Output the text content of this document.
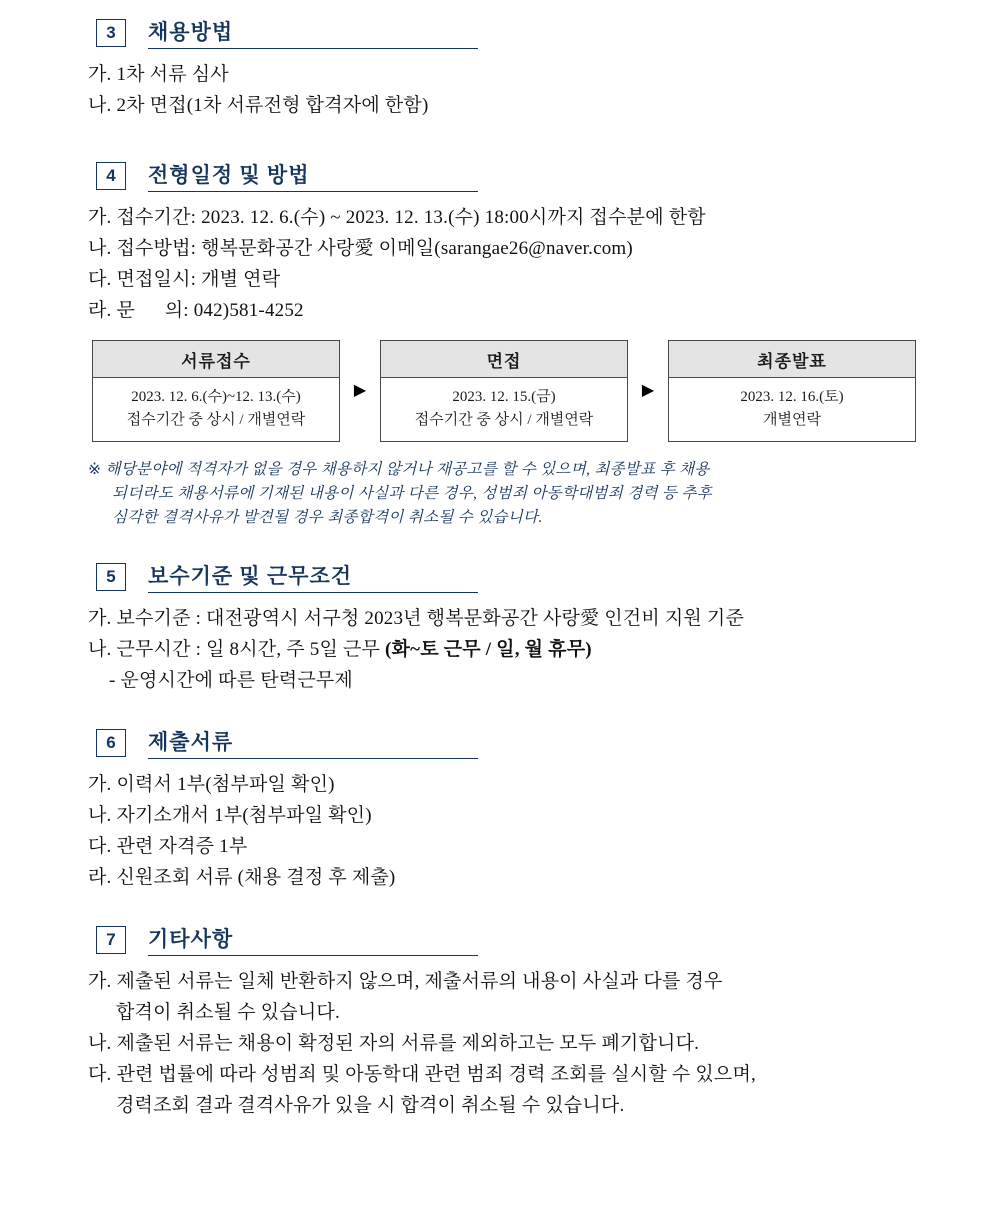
3	채용방법
가. 1차 서류 심사
나. 2차 면접(1차 서류전형 합격자에 한함)
4	전형일정 및 방법
가. 접수기간: 2023. 12. 6.(수) ~ 2023. 12. 13.(수) 18:00시까지 접수분에 한함
나. 접수방법: 행복문화공간 사랑愛 이메일(sarangae26@naver.com)
다. 면접일시: 개별 연락
라. 문      의: 042)581-4252
서류접수
2023. 12. 6.(수)~12. 13.(수)
접수기간 중 상시 / 개별연락
▶
면접
2023. 12. 15.(금)
접수기간 중 상시 / 개별연락
▶
최종발표
2023. 12. 16.(토)
개별연락
※ 해당분야에 적격자가 없을 경우 채용하지 않거나 재공고를 할 수 있으며, 최종발표 후 채용
되더라도 채용서류에 기재된 내용이 사실과 다른 경우, 성범죄 아동학대범죄 경력 등 추후
심각한 결격사유가 발견될 경우 최종합격이 취소될 수 있습니다.
5	보수기준 및 근무조건
가. 보수기준 : 대전광역시 서구청 2023년 행복문화공간 사랑愛 인건비 지원 기준
나. 근무시간 : 일 8시간, 주 5일 근무 (화~토 근무 / 일, 월 휴무)
- 운영시간에 따른 탄력근무제
6	제출서류
가. 이력서 1부(첨부파일 확인)
나. 자기소개서 1부(첨부파일 확인)
다. 관련 자격증 1부
라. 신원조회 서류 (채용 결정 후 제출)
7	기타사항
가. 제출된 서류는 일체 반환하지 않으며, 제출서류의 내용이 사실과 다를 경우
합격이 취소될 수 있습니다.
나. 제출된 서류는 채용이 확정된 자의 서류를 제외하고는 모두 폐기합니다.
다. 관련 법률에 따라 성범죄 및 아동학대 관련 범죄 경력 조회를 실시할 수 있으며,
경력조회 결과 결격사유가 있을 시 합격이 취소될 수 있습니다.
